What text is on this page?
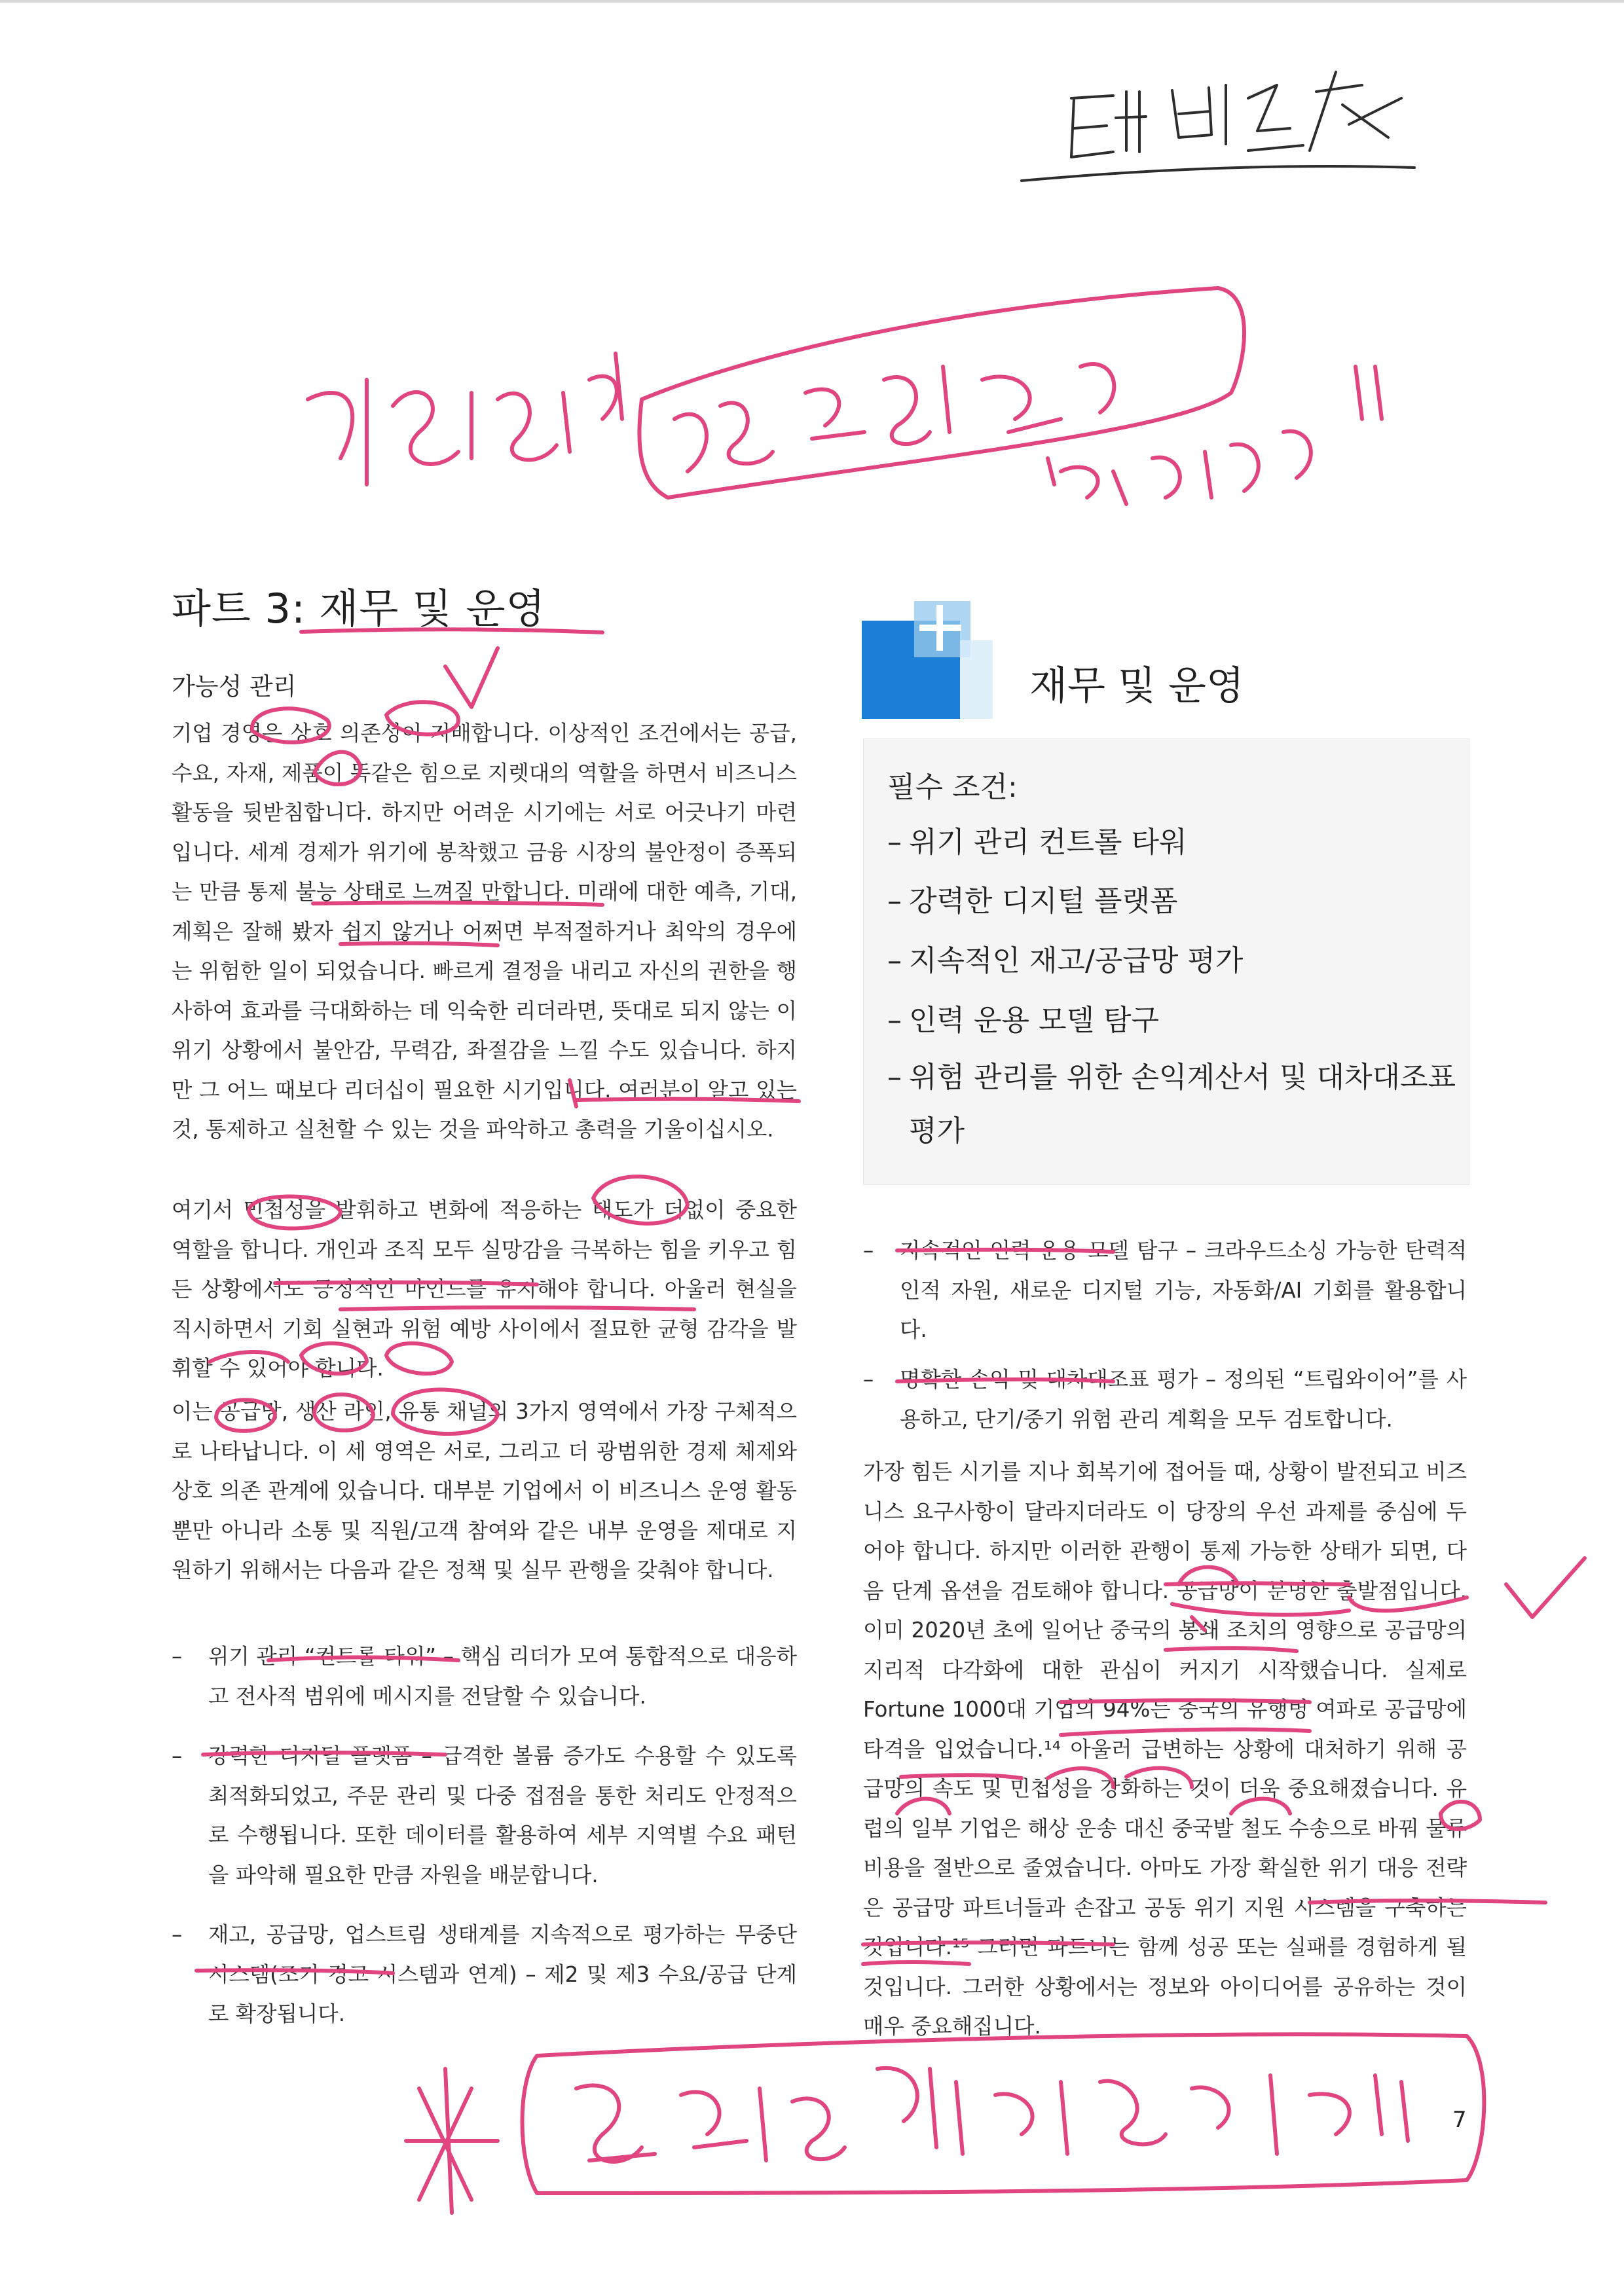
파트 3: 재무 및 운영
가능성 관리
기업 경영은 상호 의존성이 지배합니다. 이상적인 조건에서는 공급, 수요, 자재, 제품이 똑같은 힘으로 지렛대의 역할을 하면서 비즈니스 활동을 뒷받침합니다. 하지만 어려운 시기에는 서로 어긋나기 마련입니다. 세계 경제가 위기에 봉착했고 금융 시장의 불안정이 증폭되는 만큼 통제 불능 상태로 느껴질 만합니다. 미래에 대한 예측, 기대, 계획은 잘해 봤자 쉽지 않거나 어쩌면 부적절하거나 최악의 경우에는 위험한 일이 되었습니다. 빠르게 결정을 내리고 자신의 권한을 행사하여 효과를 극대화하는 데 익숙한 리더라면, 뜻대로 되지 않는 이 위기 상황에서 불안감, 무력감, 좌절감을 느낄 수도 있습니다. 하지만 그 어느 때보다 리더십이 필요한 시기입니다. 여러분이 알고 있는 것, 통제하고 실천할 수 있는 것을 파악하고 총력을 기울이십시오.
여기서 민첩성을 발휘하고 변화에 적응하는 태도가 더없이 중요한 역할을 합니다. 개인과 조직 모두 실망감을 극복하는 힘을 키우고 힘든 상황에서도 긍정적인 마인드를 유지해야 합니다. 아울러 현실을 직시하면서 기회 실현과 위험 예방 사이에서 절묘한 균형 감각을 발휘할 수 있어야 합니다.
이는 공급망, 생산 라인, 유통 채널의 3가지 영역에서 가장 구체적으로 나타납니다. 이 세 영역은 서로, 그리고 더 광범위한 경제 체제와 상호 의존 관계에 있습니다. 대부분 기업에서 이 비즈니스 운영 활동뿐만 아니라 소통 및 직원/고객 참여와 같은 내부 운영을 제대로 지원하기 위해서는 다음과 같은 정책 및 실무 관행을 갖춰야 합니다.
– 위기 관리 “컨트롤 타워” – 핵심 리더가 모여 통합적으로 대응하고 전사적 범위에 메시지를 전달할 수 있습니다.
– 강력한 디지털 플랫폼 – 급격한 볼륨 증가도 수용할 수 있도록 최적화되었고, 주문 관리 및 다중 접점을 통한 처리도 안정적으로 수행됩니다. 또한 데이터를 활용하여 세부 지역별 수요 패턴을 파악해 필요한 만큼 자원을 배분합니다.
– 재고, 공급망, 업스트림 생태계를 지속적으로 평가하는 무중단 시스템(조기 경고 시스템과 연계) – 제2 및 제3 수요/공급 단계로 확장됩니다.
재무 및 운영
필수 조건:
– 위기 관리 컨트롤 타워
– 강력한 디지털 플랫폼
– 지속적인 재고/공급망 평가
– 인력 운용 모델 탐구
– 위험 관리를 위한 손익계산서 및 대차대조표 평가
– 지속적인 인력 운용 모델 탐구 – 크라우드소싱 가능한 탄력적 인적 자원, 새로운 디지털 기능, 자동화/AI 기회를 활용합니다.
– 명확한 손익 및 대차대조표 평가 – 정의된 “트립와이어”를 사용하고, 단기/중기 위험 관리 계획을 모두 검토합니다.
가장 힘든 시기를 지나 회복기에 접어들 때, 상황이 발전되고 비즈니스 요구사항이 달라지더라도 이 당장의 우선 과제를 중심에 두어야 합니다. 하지만 이러한 관행이 통제 가능한 상태가 되면, 다음 단계 옵션을 검토해야 합니다. 공급망이 분명한 출발점입니다. 이미 2020년 초에 일어난 중국의 봉쇄 조치의 영향으로 공급망의 지리적 다각화에 대한 관심이 커지기 시작했습니다. 실제로 Fortune 1000대 기업의 94%는 중국의 유행병 여파로 공급망에 타격을 입었습니다.¹⁴ 아울러 급변하는 상황에 대처하기 위해 공급망의 속도 및 민첩성을 강화하는 것이 더욱 중요해졌습니다. 유럽의 일부 기업은 해상 운송 대신 중국발 철도 수송으로 바꿔 물류 비용을 절반으로 줄였습니다. 아마도 가장 확실한 위기 대응 전략은 공급망 파트너들과 손잡고 공동 위기 지원 시스템을 구축하는 것입니다.¹⁵ 그러면 파트너는 함께 성공 또는 실패를 경험하게 될 것입니다. 그러한 상황에서는 정보와 아이디어를 공유하는 것이 매우 중요해집니다.
7
